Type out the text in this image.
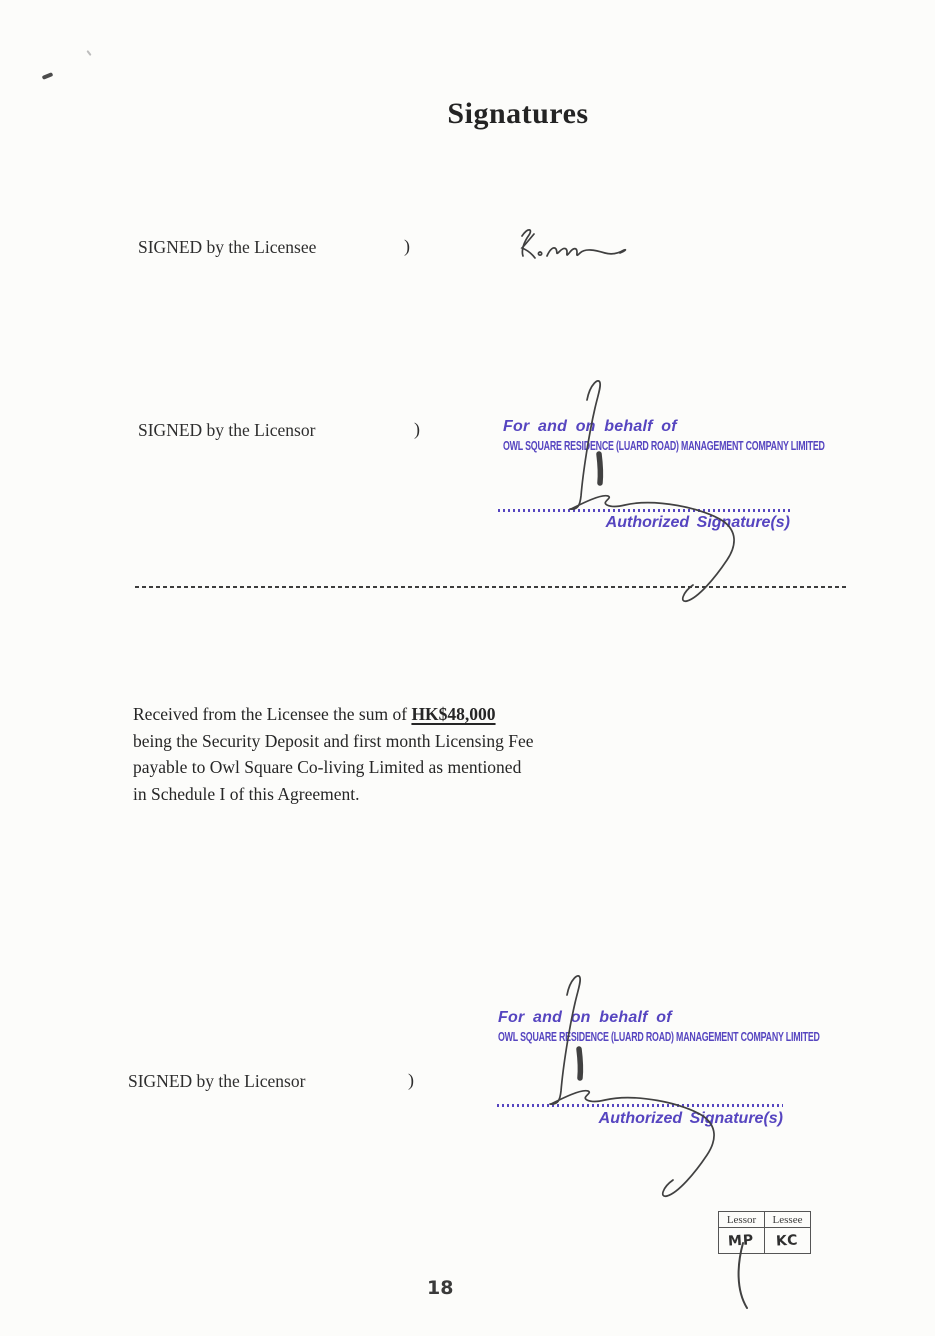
Signatures
SIGNED by the Licensee	)
SIGNED by the Licensor	)	For and on behalf of
OWL SQUARE RESIDENCE (LUARD ROAD) MANAGEMENT COMPANY LIMITED
Authorized Signature(s)
Received from the Licensee the sum of HK$48,000
being the Security Deposit and first month Licensing Fee
payable to Owl Square Co-living Limited as mentioned
in Schedule I of this Agreement.
For and on behalf of
OWL SQUARE RESIDENCE (LUARD ROAD) MANAGEMENT COMPANY LIMITED
SIGNED by the Licensor	)
Authorized Signature(s)
Lessor	Lessee
MP	KC
18
